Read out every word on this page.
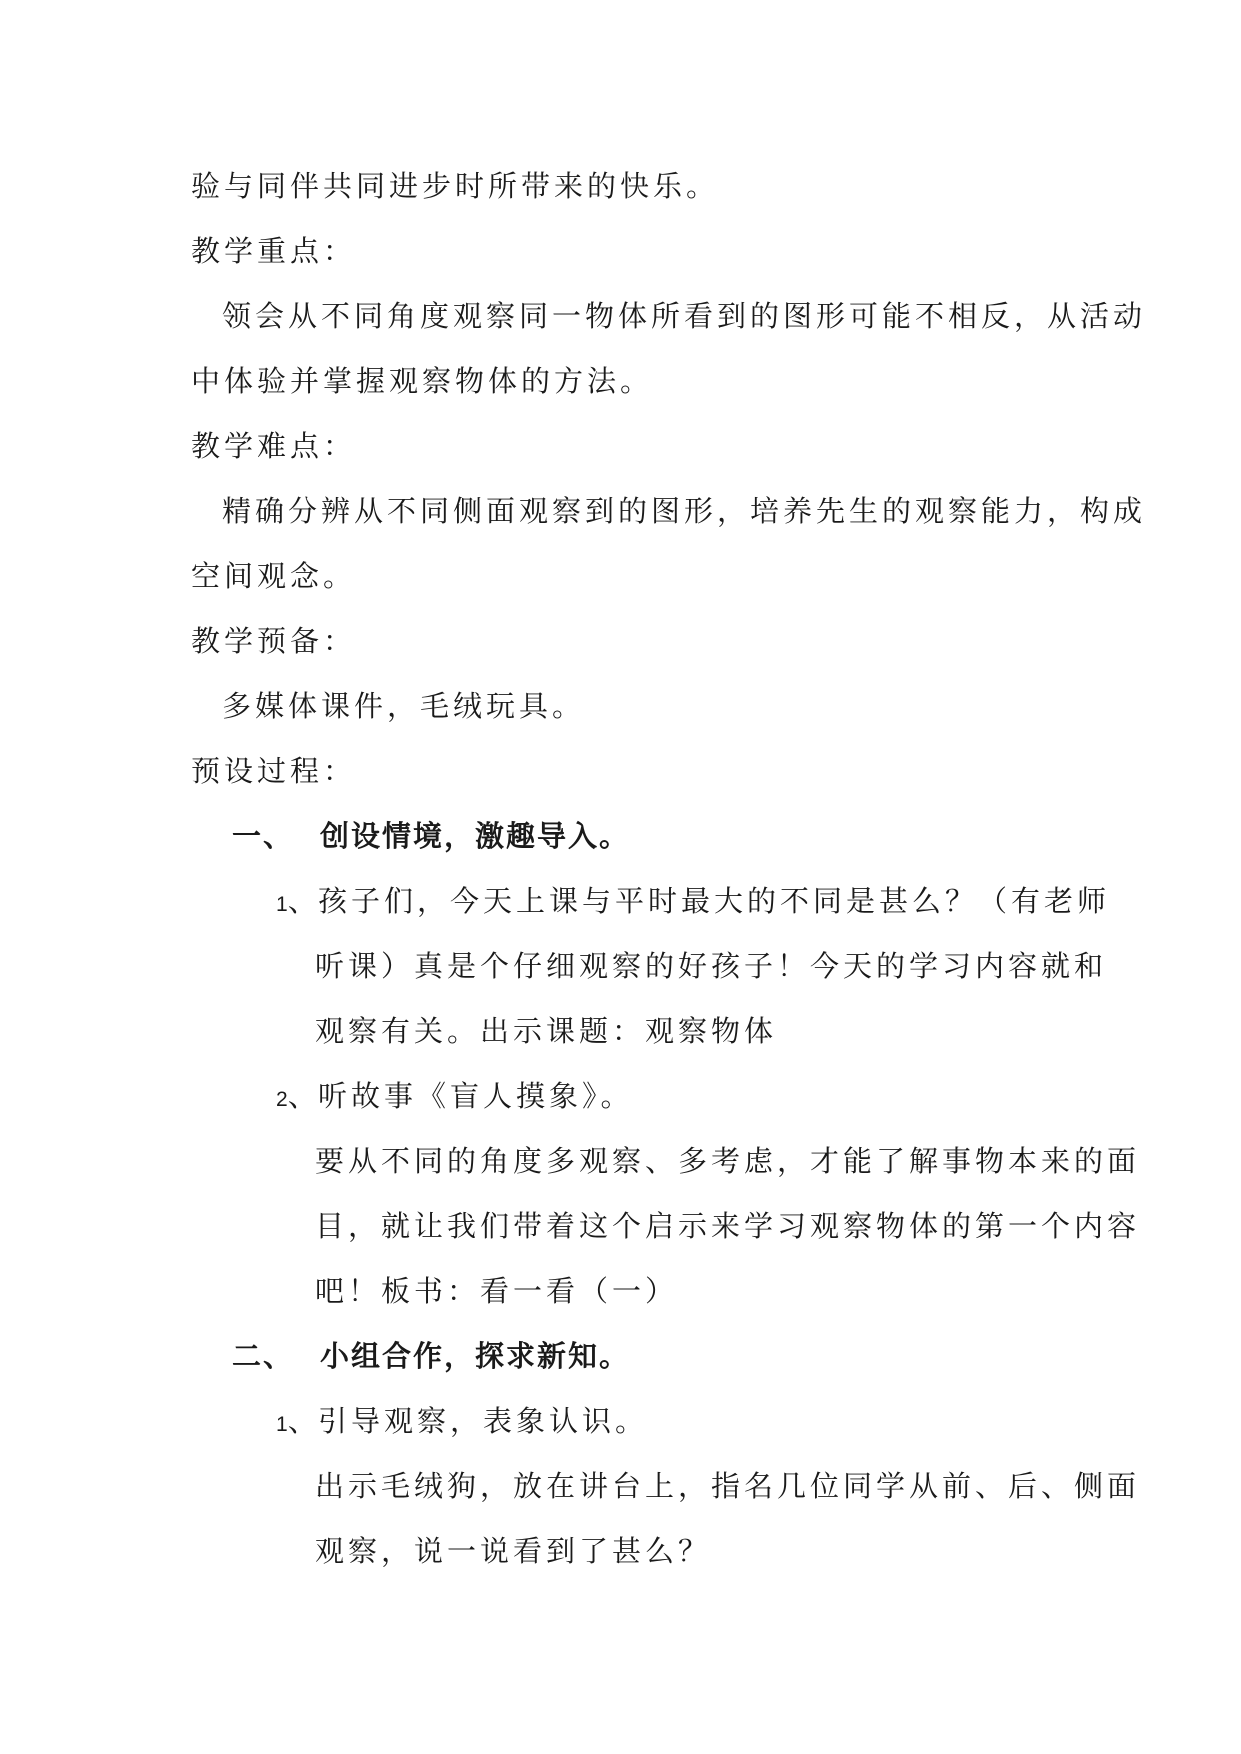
验与同伴共同进步时所带来的快乐。
教学重点：
领会从不同角度观察同一物体所看到的图形可能不相反，从活动
中体验并掌握观察物体的方法。
教学难点：
精确分辨从不同侧面观察到的图形，培养先生的观察能力，构成
空间观念。
教学预备：
多媒体课件，毛绒玩具。
预设过程：
一、 创设情境，激趣导入。
1、
孩子们，今天上课与平时最大的不同是甚么？（有老师
听课）真是个仔细观察的好孩子！今天的学习内容就和
观察有关。出示课题：观察物体
2、
听故事《盲人摸象》。
要从不同的角度多观察、多考虑，才能了解事物本来的面
目，就让我们带着这个启示来学习观察物体的第一个内容
吧！板书：看一看（一）
二、 小组合作，探求新知。
1、
引导观察，表象认识。
出示毛绒狗，放在讲台上，指名几位同学从前、后、侧面
观察，说一说看到了甚么？
